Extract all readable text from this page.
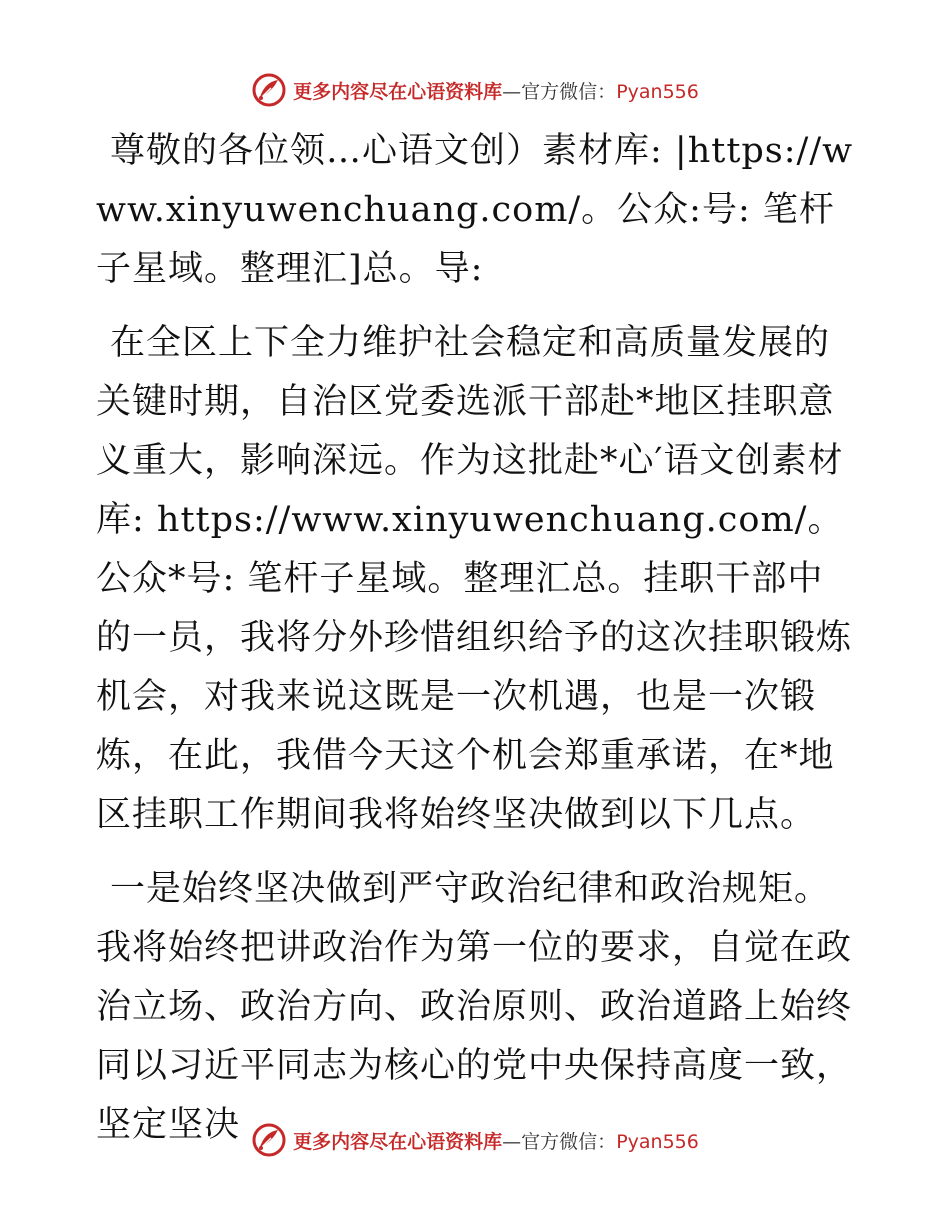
更多内容尽在心语资料库—官方微信：Pyan556

尊敬的各位领…心语文创）素材库: |https://www.xinyuwenchuang.com/。公众:号: 笔杆子星域。整理汇]总。导:

在全区上下全力维护社会稳定和高质量发展的关键时期，自治区党委选派干部赴*地区挂职意义重大，影响深远。作为这批赴*心′语文创素材库: https://www.xinyuwenchuang.com/。公众*号: 笔杆子星域。整理汇总。挂职干部中的一员，我将分外珍惜组织给予的这次挂职锻炼机会，对我来说这既是一次机遇，也是一次锻炼，在此，我借今天这个机会郑重承诺，在*地区挂职工作期间我将始终坚决做到以下几点。

一是始终坚决做到严守政治纪律和政治规矩。我将始终把讲政治作为第一位的要求，自觉在政治立场、政治方向、政治原则、政治道路上始终同以习近平同志为核心的党中央保持高度一致，坚定坚决	更多内容尽在心语资料库—官方微信：Pyan556
